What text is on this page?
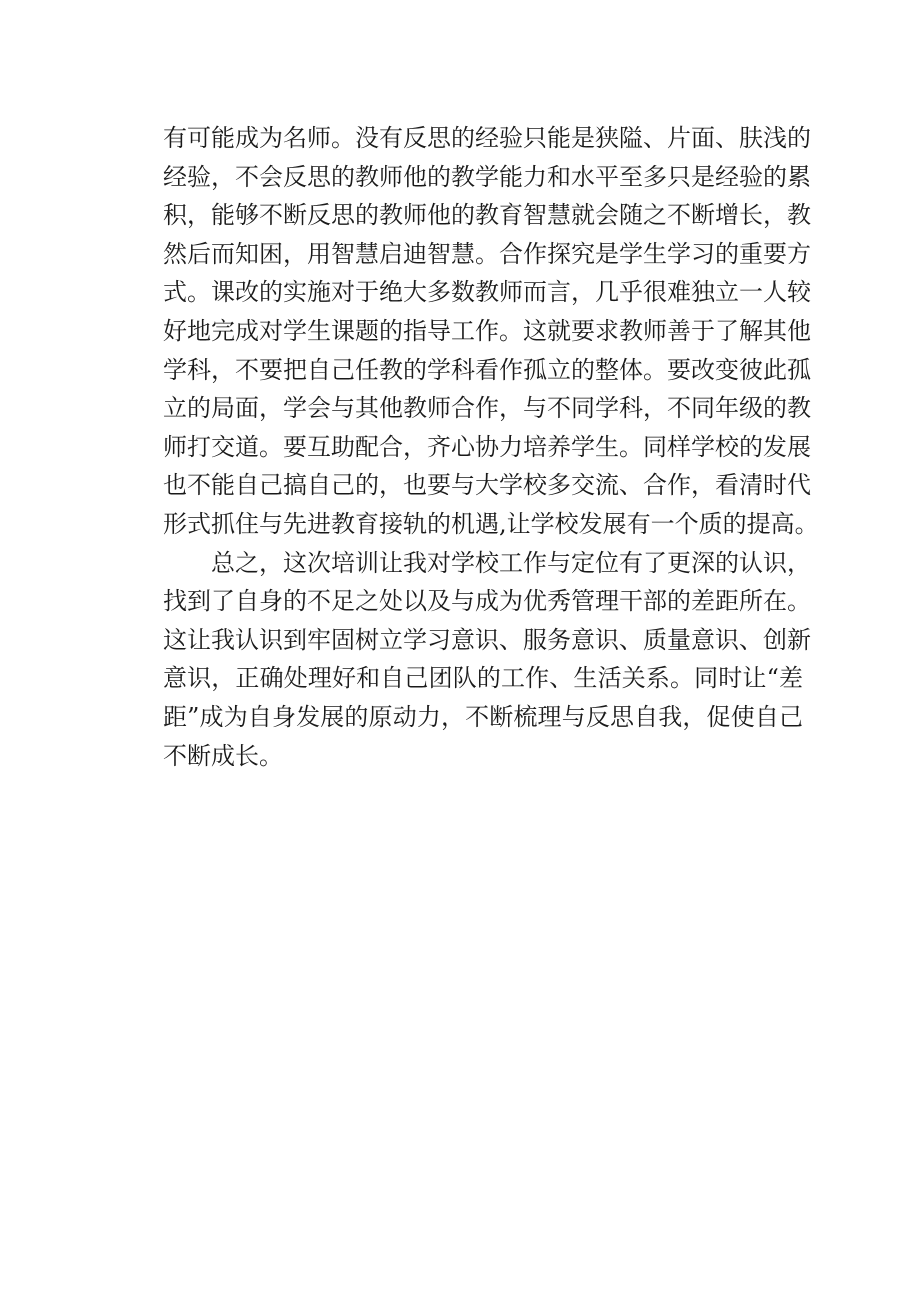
有可能成为名师。没有反思的经验只能是狭隘、片面、肤浅的
经验，不会反思的教师他的教学能力和水平至多只是经验的累
积，能够不断反思的教师他的教育智慧就会随之不断增长，教
然后而知困，用智慧启迪智慧。合作探究是学生学习的重要方
式。课改的实施对于绝大多数教师而言，几乎很难独立一人较
好地完成对学生课题的指导工作。这就要求教师善于了解其他
学科，不要把自己任教的学科看作孤立的整体。要改变彼此孤
立的局面，学会与其他教师合作，与不同学科，不同年级的教
师打交道。要互助配合，齐心协力培养学生。同样学校的发展
也不能自己搞自己的，也要与大学校多交流、合作，看清时代
形式抓住与先进教育接轨的机遇,让学校发展有一个质的提高。
总之，这次培训让我对学校工作与定位有了更深的认识，
找到了自身的不足之处以及与成为优秀管理干部的差距所在。
这让我认识到牢固树立学习意识、服务意识、质量意识、创新
意识，正确处理好和自己团队的工作、生活关系。同时让“差
距”成为自身发展的原动力，不断梳理与反思自我，促使自己
不断成长。
